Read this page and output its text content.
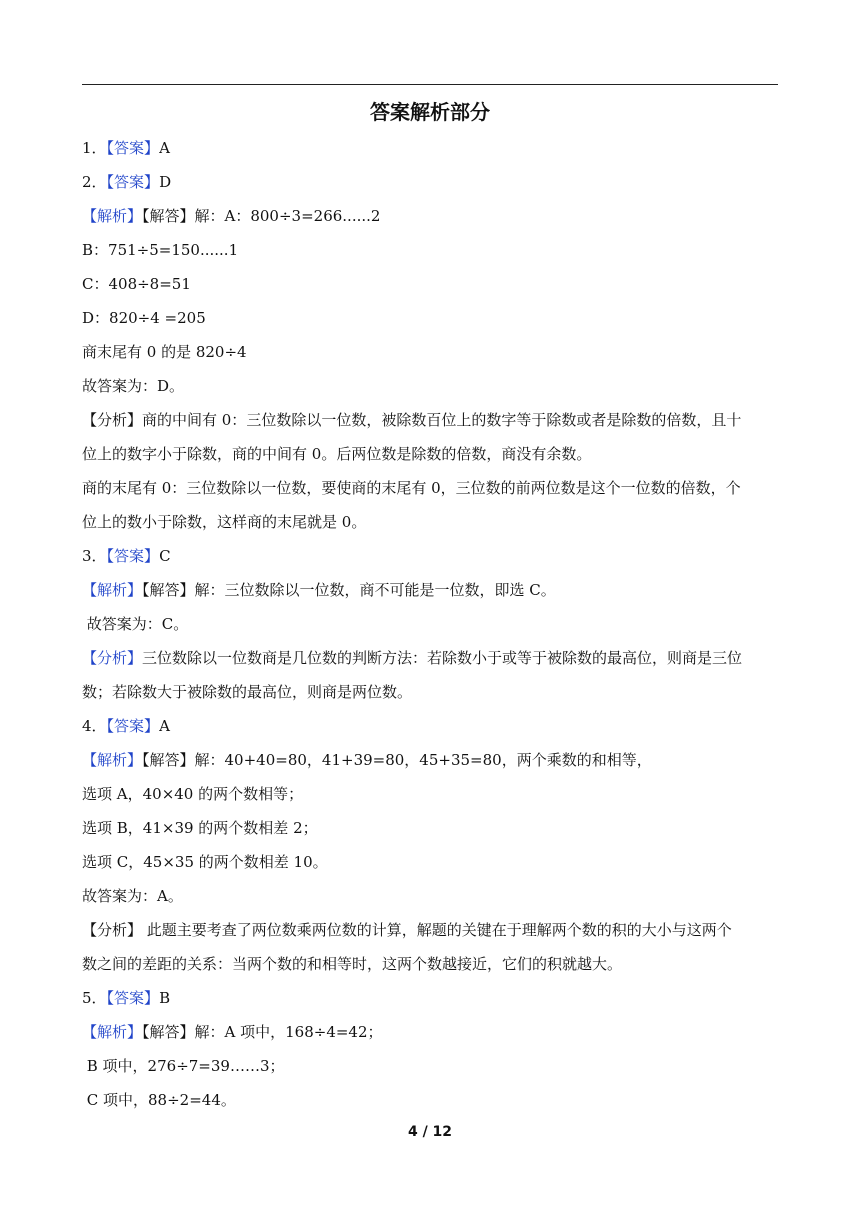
答案解析部分
1．【答案】A
2．【答案】D
【解析】【解答】解：A：800÷3=266......2
B：751÷5=150......1
C：408÷8=51
D：820÷4 =205
商末尾有 0 的是 820÷4
故答案为：D。
【分析】商的中间有 0：三位数除以一位数，被除数百位上的数字等于除数或者是除数的倍数，且十
位上的数字小于除数，商的中间有 0。后两位数是除数的倍数，商没有余数。
商的末尾有 0：三位数除以一位数，要使商的末尾有 0，三位数的前两位数是这个一位数的倍数，个
位上的数小于除数，这样商的末尾就是 0。
3．【答案】C
【解析】【解答】解：三位数除以一位数，商不可能是一位数，即选 C。
故答案为：C。
【分析】三位数除以一位数商是几位数的判断方法：若除数小于或等于被除数的最高位，则商是三位
数；若除数大于被除数的最高位，则商是两位数。
4．【答案】A
【解析】【解答】解：40+40=80，41+39=80，45+35=80，两个乘数的和相等，
选项 A，40×40 的两个数相等；
选项 B，41×39 的两个数相差 2；
选项 C，45×35 的两个数相差 10。
故答案为：A。
【分析】 此题主要考查了两位数乘两位数的计算，解题的关键在于理解两个数的积的大小与这两个
数之间的差距的关系：当两个数的和相等时，这两个数越接近，它们的积就越大。
5．【答案】B
【解析】【解答】解：A 项中，168÷4=42；
B 项中，276÷7=39……3；
C 项中，88÷2=44。
4 / 12
